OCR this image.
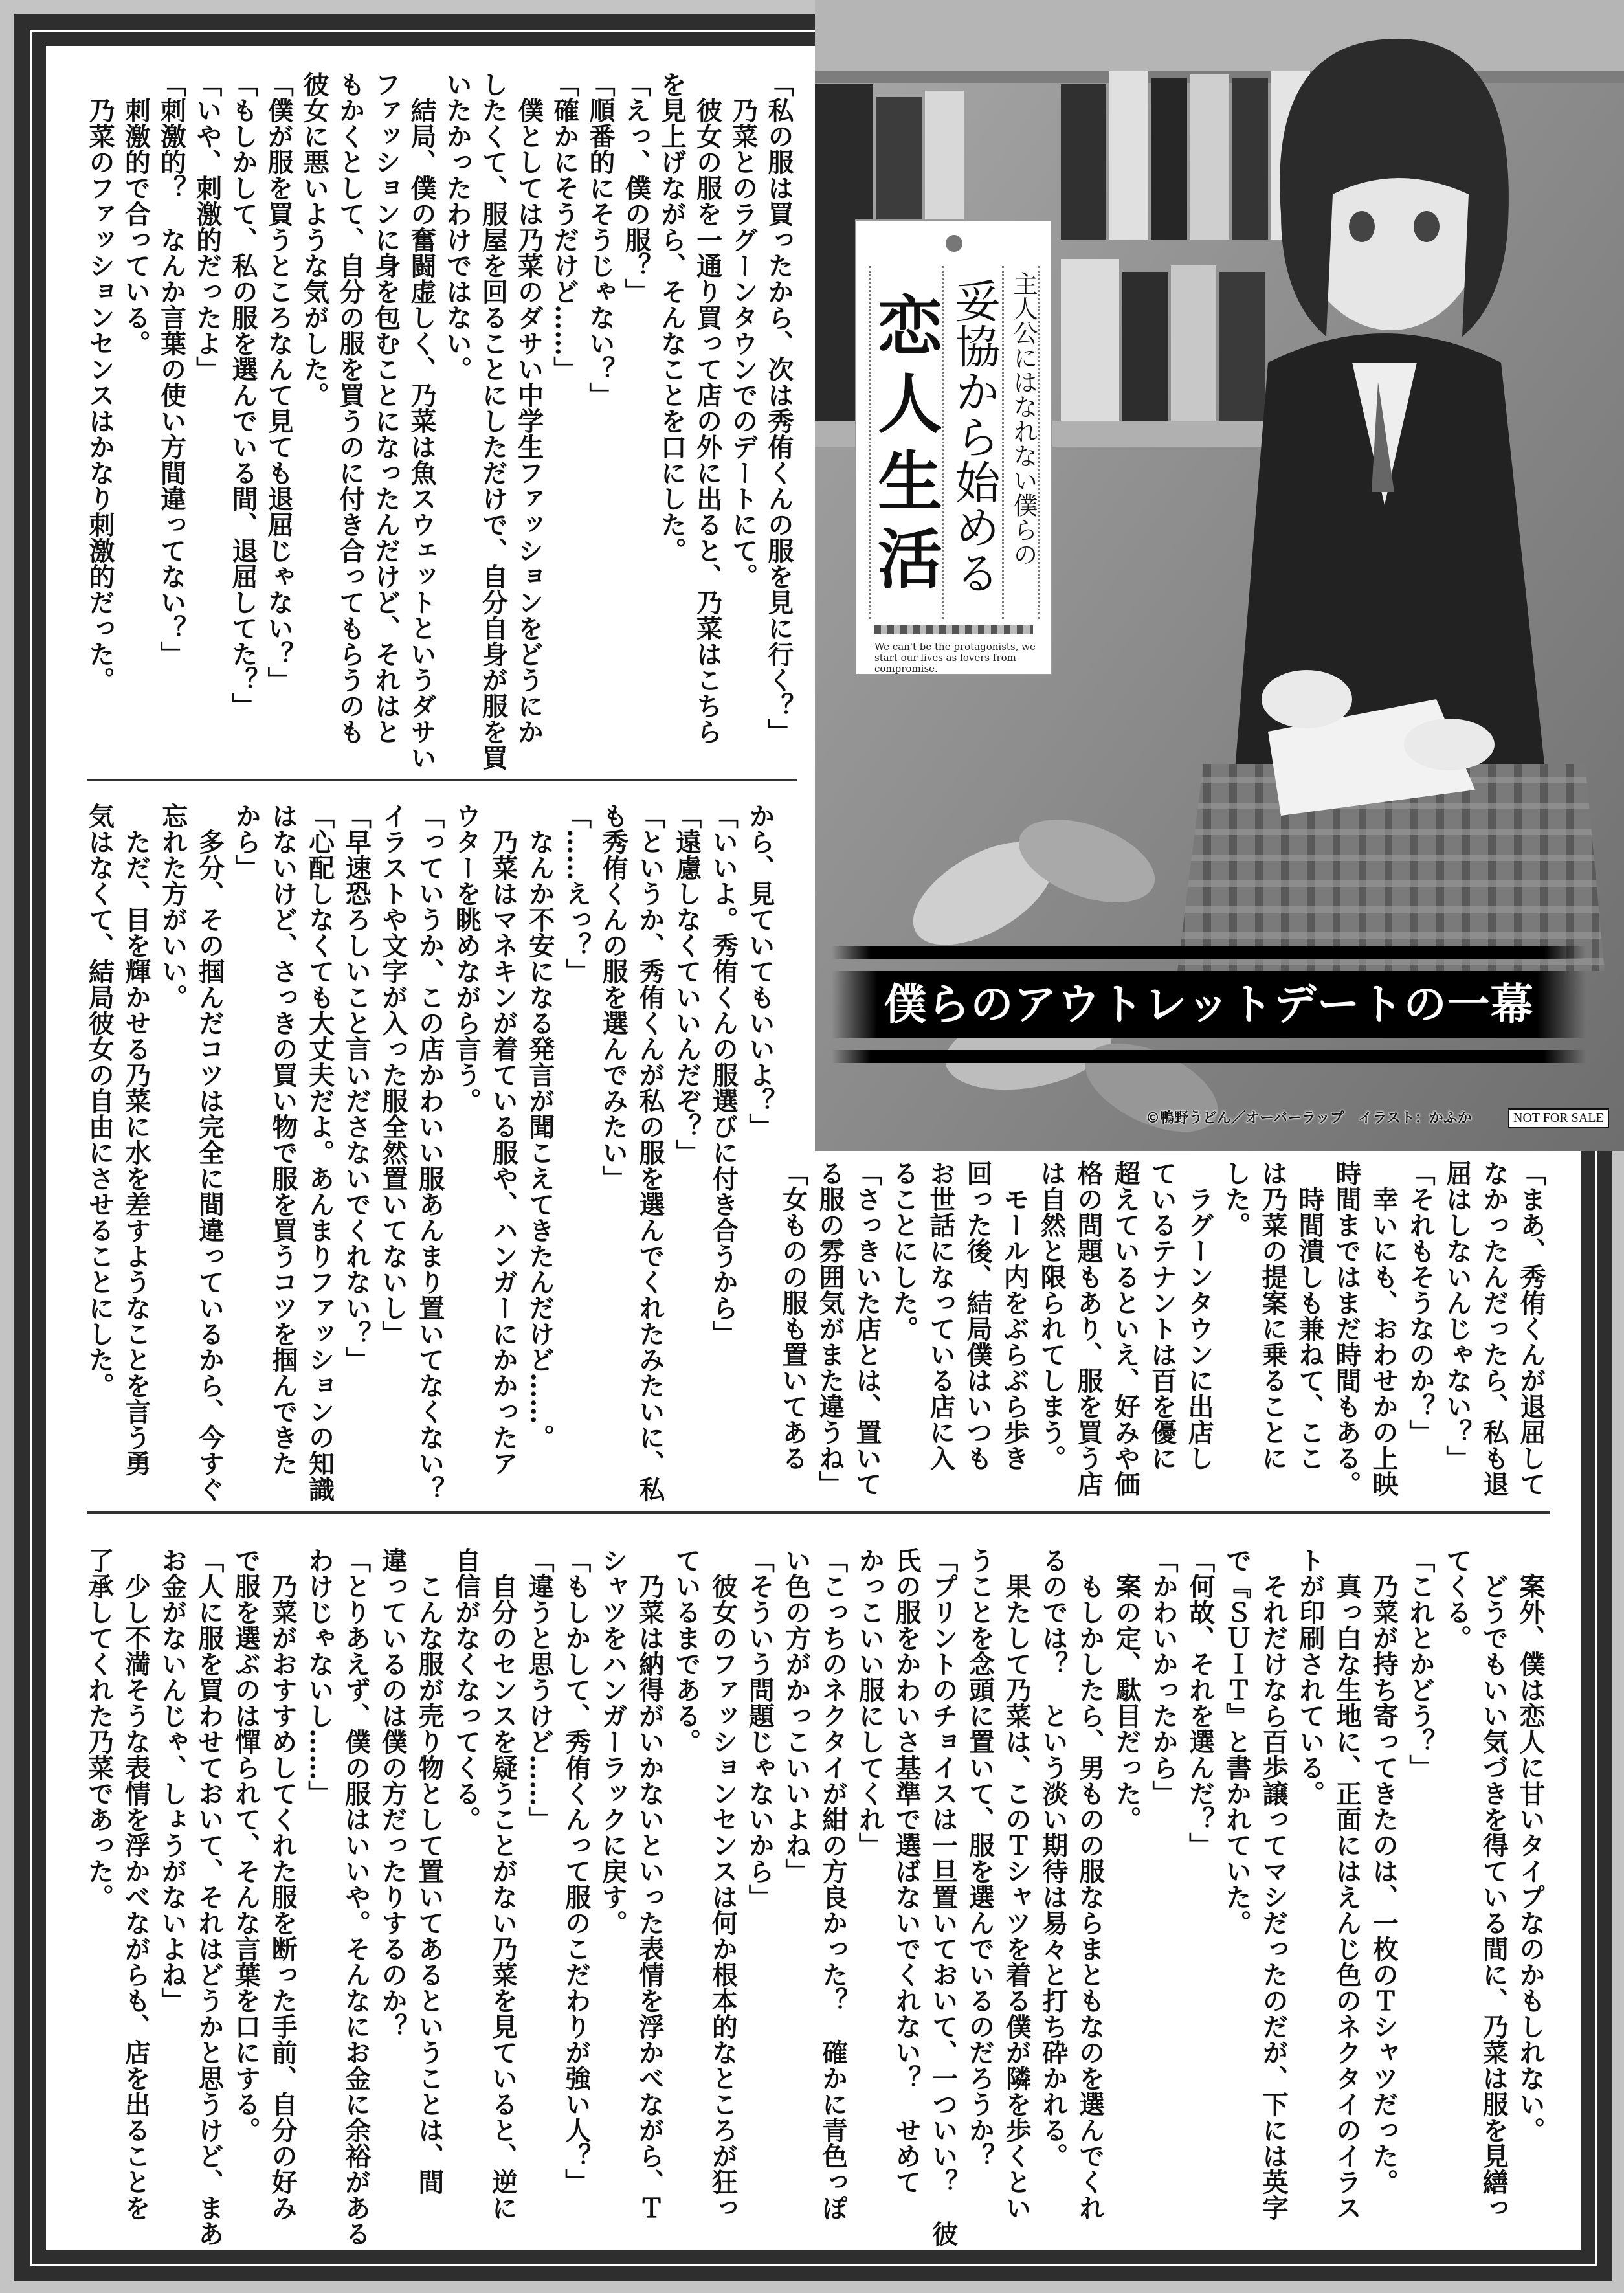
「私の服は買ったから、次は秀侑くんの服を見に行く？」
　乃菜とのラグーンタウンでのデートにて。
　彼女の服を一通り買って店の外に出ると、乃菜はこちら
を見上げながら、そんなことを口にした。
「えっ、僕の服？」
「順番的にそうじゃない？」
「確かにそうだけど……」
　僕としては乃菜のダサい中学生ファッションをどうにか
したくて、服屋を回ることにしただけで、自分自身が服を買
いたかったわけではない。
　結局、僕の奮闘虚しく、乃菜は魚スウェットというダサい
ファッションに身を包むことになったんだけど、それはと
もかくとして、自分の服を買うのに付き合ってもらうのも
彼女に悪いような気がした。
「僕が服を買うところなんて見ても退屈じゃない？」
「もしかして、私の服を選んでいる間、退屈してた？」
「いや、刺激的だったよ」
「刺激的？　なんか言葉の使い方間違ってない？」
　刺激的で合っている。
　乃菜のファッションセンスはかなり刺激的だった。
「まあ、秀侑くんが退屈して
なかったんだったら、私も退
屈はしないんじゃない？」
「それもそうなのか？」
　幸いにも、おわせかの上映
時間まではまだ時間もある。
　時間潰しも兼ねて、ここ
は乃菜の提案に乗ることに
した。
　ラグーンタウンに出店し
ているテナントは百を優に
超えているといえ、好みや価
格の問題もあり、服を買う店
は自然と限られてしまう。
　モール内をぶらぶら歩き
回った後、結局僕はいつも
お世話になっている店に入
ることにした。
「さっきいた店とは、置いて
る服の雰囲気がまた違うね」
「女ものの服も置いてある
から、見ていてもいいよ？」
「いいよ。秀侑くんの服選びに付き合うから」
「遠慮しなくていいんだぞ？」
「というか、秀侑くんが私の服を選んでくれたみたいに、私
も秀侑くんの服を選んでみたい」
「……えっ？」
　なんか不安になる発言が聞こえてきたんだけど……。
　乃菜はマネキンが着ている服や、ハンガーにかかったア
ウターを眺めながら言う。
「っていうか、この店かわいい服あんまり置いてなくない？
イラストや文字が入った服全然置いてないし」
「早速恐ろしいこと言いださないでくれない？」
「心配しなくても大丈夫だよ。あんまりファッションの知識
はないけど、さっきの買い物で服を買うコツを掴んできた
から」
　多分、その掴んだコツは完全に間違っているから、今すぐ
忘れた方がいい。
　ただ、目を輝かせる乃菜に水を差すようなことを言う勇
気はなくて、結局彼女の自由にさせることにした。
　案外、僕は恋人に甘いタイプなのかもしれない。
　どうでもいい気づきを得ている間に、乃菜は服を見繕っ
てくる。
「これとかどう？」
　乃菜が持ち寄ってきたのは、一枚のＴシャツだった。
　真っ白な生地に、正面にはえんじ色のネクタイのイラス
トが印刷されている。
　それだけなら百歩譲ってマシだったのだが、下には英字
で『ＳＵＩＴ』と書かれていた。
「何故、それを選んだ？」
「かわいかったから」
　案の定、駄目だった。
　もしかしたら、男ものの服ならまともなのを選んでくれ
るのでは？　という淡い期待は易々と打ち砕かれる。
　果たして乃菜は、このＴシャツを着る僕が隣を歩くとい
うことを念頭に置いて、服を選んでいるのだろうか？
「プリントのチョイスは一旦置いておいて、一ついい？　彼
氏の服をかわいさ基準で選ばないでくれない？　せめて
かっこいい服にしてくれ」
「こっちのネクタイが紺の方良かった？　確かに青色っぽ
い色の方がかっこいいよね」
「そういう問題じゃないから」
　彼女のファッションセンスは何か根本的なところが狂っ
ているまである。
　乃菜は納得がいかないといった表情を浮かべながら、Ｔ
シャツをハンガーラックに戻す。
「もしかして、秀侑くんって服のこだわりが強い人？」
「違うと思うけど……」
　自分のセンスを疑うことがない乃菜を見ていると、逆に
自信がなくなってくる。
　こんな服が売り物として置いてあるということは、間
違っているのは僕の方だったりするのか？
「とりあえず、僕の服はいいや。そんなにお金に余裕がある
わけじゃないし……」
　乃菜がおすすめしてくれた服を断った手前、自分の好み
で服を選ぶのは憚られて、そんな言葉を口にする。
「人に服を買わせておいて、それはどうかと思うけど、まあ
お金がないんじゃ、しょうがないよね」
　少し不満そうな表情を浮かべながらも、店を出ることを
了承してくれた乃菜であった。
主人公にはなれない僕らの
妥協から始める
恋人生活
We can't be the protagonists, we start our lives as lovers from compromise.
僕らのアウトレットデートの一幕
©鴨野うどん／オーバーラップ　イラスト：かふか	NOT FOR SALE
